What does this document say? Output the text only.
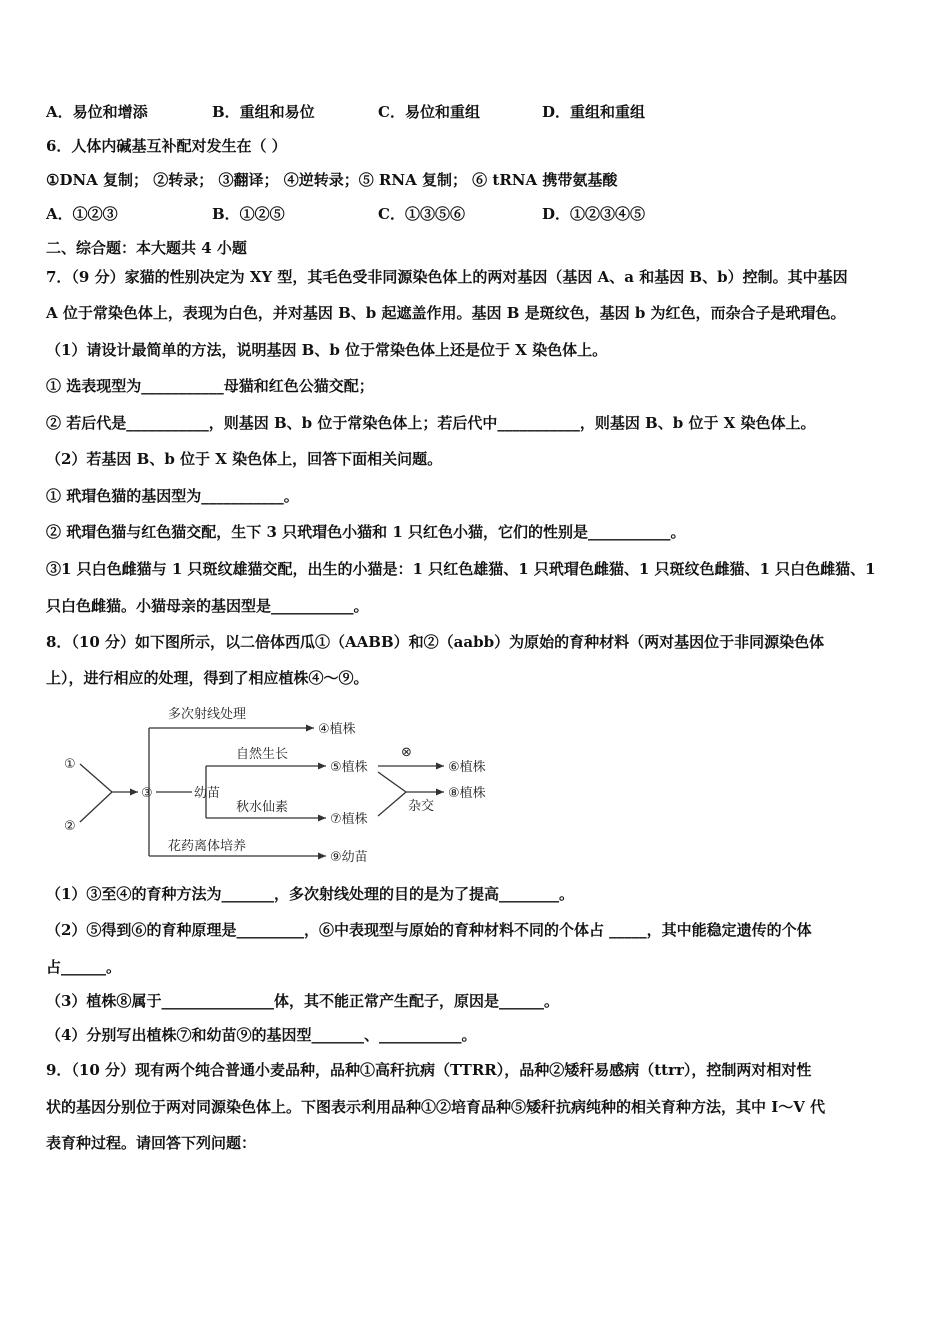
A．易位和增添	B．重组和易位	C．易位和重组	D．重组和重组
6．人体内碱基互补配对发生在（ ）
①DNA 复制； ②转录； ③翻译； ④逆转录；⑤ RNA 复制； ⑥ tRNA 携带氨基酸
A．①②③	B．①②⑤	C．①③⑤⑥	D．①②③④⑤
二、综合题：本大题共 4 小题
7．（9 分）家猫的性别决定为 XY 型，其毛色受非同源染色体上的两对基因（基因 A、a 和基因 B、b）控制。其中基因
A 位于常染色体上，表现为白色，并对基因 B、b 起遮盖作用。基因 B 是斑纹色，基因 b 为红色，而杂合子是玳瑁色。
（1）请设计最简单的方法，说明基因 B、b 位于常染色体上还是位于 X 染色体上。
① 选表现型为___________母猫和红色公猫交配；
② 若后代是___________，则基因 B、b 位于常染色体上；若后代中___________，则基因 B、b 位于 X 染色体上。
（2）若基因 B、b 位于 X 染色体上，回答下面相关问题。
① 玳瑁色猫的基因型为___________。
② 玳瑁色猫与红色猫交配，生下 3 只玳瑁色小猫和 1 只红色小猫，它们的性别是___________。
③1 只白色雌猫与 1 只斑纹雄猫交配，出生的小猫是：1 只红色雄猫、1 只玳瑁色雌猫、1 只斑纹色雌猫、1 只白色雌猫、1
只白色雌猫。小猫母亲的基因型是___________。
8．（10 分）如下图所示，以二倍体西瓜①（AABB）和②（aabb）为原始的育种材料（两对基因位于非同源染色体
上），进行相应的处理，得到了相应植株④～⑨。
①
②
③	幼苗
多次射线处理
④植株
自然生长
⑤植株
秋水仙素
⑦植株
⊗
⑥植株
⑧植株
杂交
花药离体培养
⑨幼苗
（1）③至④的育种方法为_______，多次射线处理的目的是为了提高________。
（2）⑤得到⑥的育种原理是_________，⑥中表现型与原始的育种材料不同的个体占 _____，其中能稳定遗传的个体
占______。
（3）植株⑧属于_______________体，其不能正常产生配子，原因是______。
（4）分别写出植株⑦和幼苗⑨的基因型_______、___________。
9．（10 分）现有两个纯合普通小麦品种，品种①高秆抗病（TTRR），品种②矮秆易感病（ttrr），控制两对相对性
状的基因分别位于两对同源染色体上。下图表示利用品种①②培育品种⑤矮秆抗病纯种的相关育种方法，其中 I～V 代
表育种过程。请回答下列问题：
